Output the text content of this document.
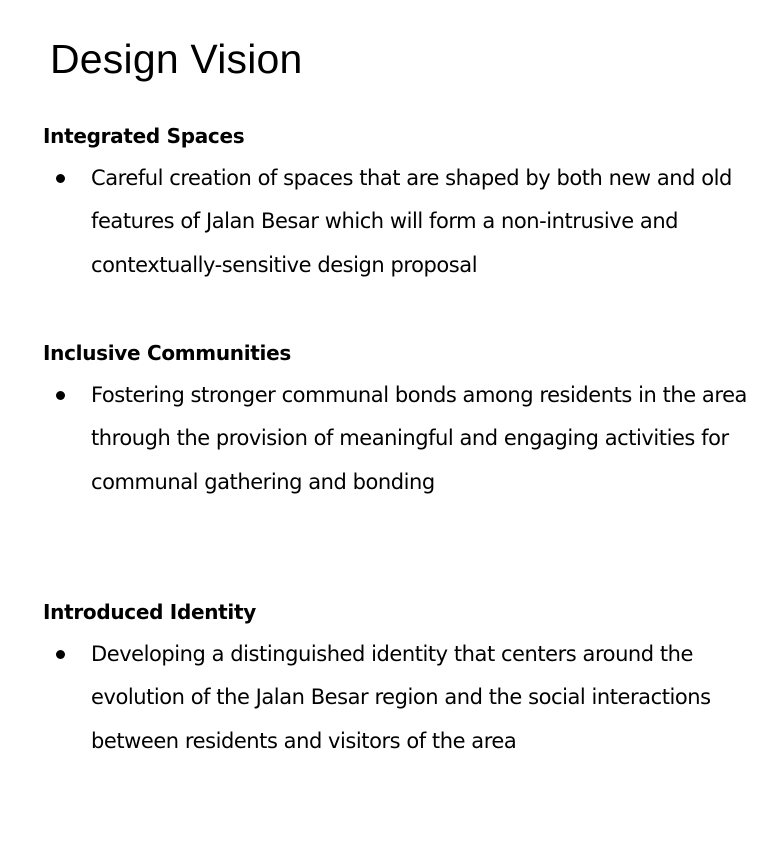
Design Vision
Integrated Spaces
Careful creation of spaces that are shaped by both new and old features of Jalan Besar which will form a non-intrusive and contextually-sensitive design proposal
Inclusive Communities
Fostering stronger communal bonds among residents in the area through the provision of meaningful and engaging activities for communal gathering and bonding
Introduced Identity
Developing a distinguished identity that centers around the evolution of the Jalan Besar region and the social interactions between residents and visitors of the area
